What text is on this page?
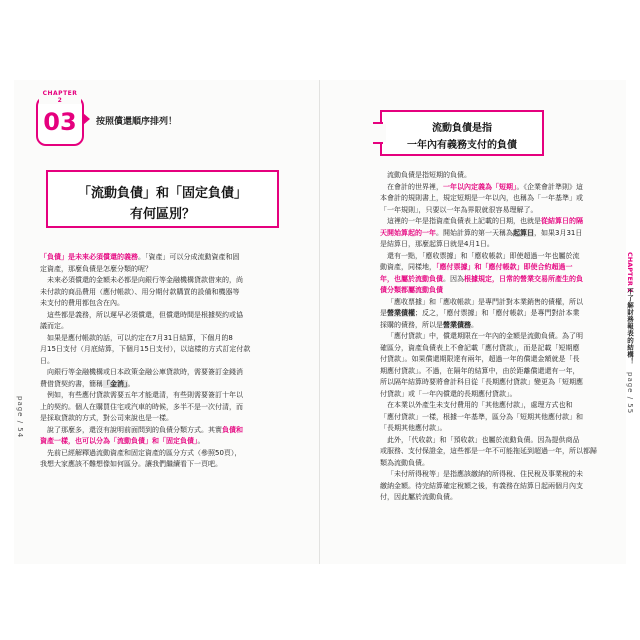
CHAPTER 2
03	按照償還順序排列！
「流動負債」和「固定負債」
有何區別？

「負債」是未來必須償還的義務。「資產」可以分成流動資產和固

定資產，那麼負債是怎麼分類的呢？

未來必須償還的金額未必都是向銀行等金融機構貸款借來的，尚

未付款的商品費用（應付帳款）、用分期付款購買的設備和機器等

未支付的費用都包含在內。

這些都是義務，所以遲早必須償還，但償還時間是根據契約或協

議而定。

如果是應付帳款的話，可以約定在7月31日結算，下個月的8

月15日支付（月底結算，下個月15日支付），以這樣的方式訂定付款

日。

向銀行等金融機構或日本政策金融公庫貸款時，需要簽訂金錢消

費借貸契約書，簡稱「金消」。

例如，有些應付貸款需要五年才能還清，有些則需要簽訂十年以

上的契約。個人在購買住宅或汽車的時候，多半不是一次付清，而

是採取貸款的方式，對公司來說也是一樣。

說了那麼多，還沒有說明前面問到的負債分類方式。其實負債和

資產一樣，也可以分為「流動負債」和「固定負債」。

先前已經解釋過流動資產和固定資產的區分方式（參照50頁），

我想大家應該不難想像如何區分。讓我們繼續看下一頁吧。

page / 54
流動負債是指
一年內有義務支付的負債

流動負債是指短期的負債。

在會計的世界裡，一年以內定義為「短期」。《企業會計準則》這

本會計的規則書上，規定短期是一年以內，也稱為「一年基準」或

「一年規則」，只要以一年為界限就很容易理解了。

這裡的一年是指資產負債表上記載的日期，也就是從結算日的隔

天開始算起的一年。開始計算的第一天稱為起算日，如果3月31日

是結算日，那麼起算日就是4月1日。

還有一點，「應收票據」和「應收帳款」即使超過一年也屬於流

動資產，同樣地，「應付票據」和「應付帳款」即使合約超過一

年，也屬於流動負債。因為根據規定，日常的營業交易所產生的負

債分類都屬流動負債

「應收票據」和「應收帳款」是專門計對本業銷售的債權，所以

是營業債權；反之，「應付票據」和「應付帳款」是專門對計本業

採購的債務，所以是營業債務。

「應付貸款」中，償還期限在一年內的金額是流動負債。為了明

確區分，資產負債表上不會記載「應付貸款」，而是記載「短期應

付貸款」。如果償還期限達有兩年，超過一年的償還金額就是「長

期應付貸款」。不過，在隔年的結算中，由於距離償還還有一年，

所以隔年結算時要將會計科目從「長期應付貸款」變更為「短期應

付貸款」或「一年內償還的長期應付貸款」。

在本業以外產生未支付費用的「其他應付款」，處理方式也和

「應付貸款」一樣，根據一年基準，區分為「短期其他應付款」和

「長期其他應付款」。

此外，「代收款」和「預收款」也屬於流動負債。因為提供商品

或服務、支付保證金，這些都是一年不可能拖延到超過一年，所以都歸

類為流動負債。

「未付所得稅等」是指應該繳納的所得稅、住民稅及事業稅的未

繳納金額。待完結算確定稅額之後，有義務在結算日起兩個月內支

付，因此屬於流動負債。

CHAPTER 2
不了解財務報表的結構！
page / 55
